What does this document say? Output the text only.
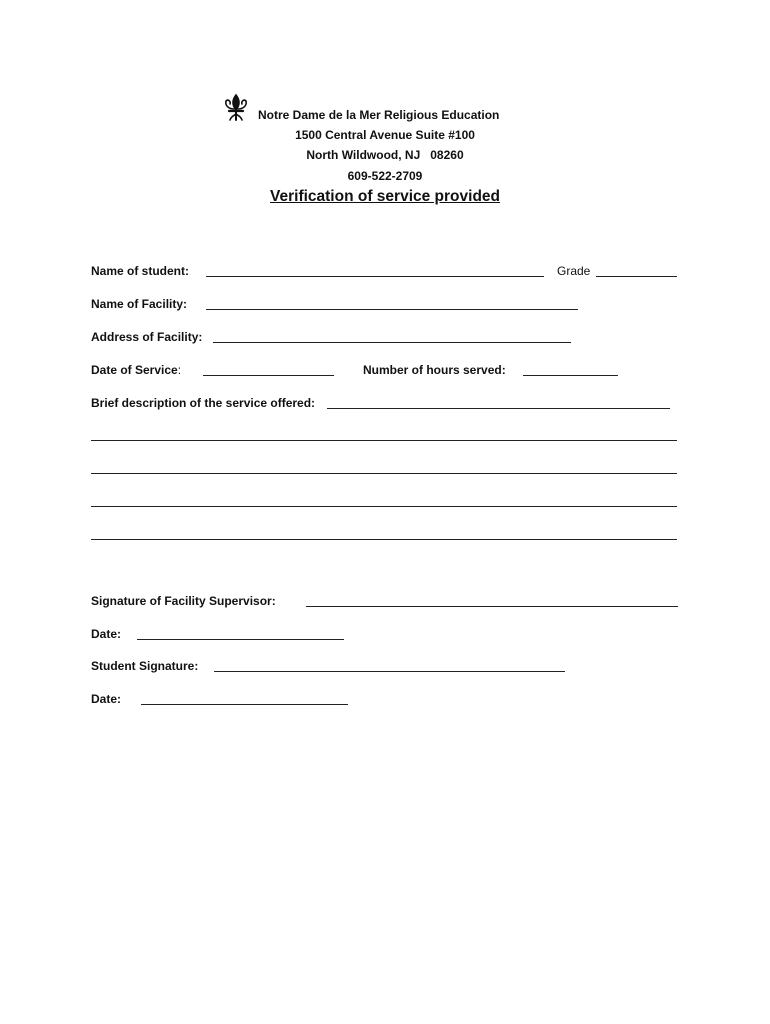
Notre Dame de la Mer Religious Education
1500 Central Avenue Suite #100
North Wildwood, NJ   08260
609-522-2709
Verification of service provided
Name of student:	Grade
Name of Facility:
Address of Facility:
Date of Service:	Number of hours served:
Brief description of the service offered:
Signature of Facility Supervisor:
Date:
Student Signature:
Date:
